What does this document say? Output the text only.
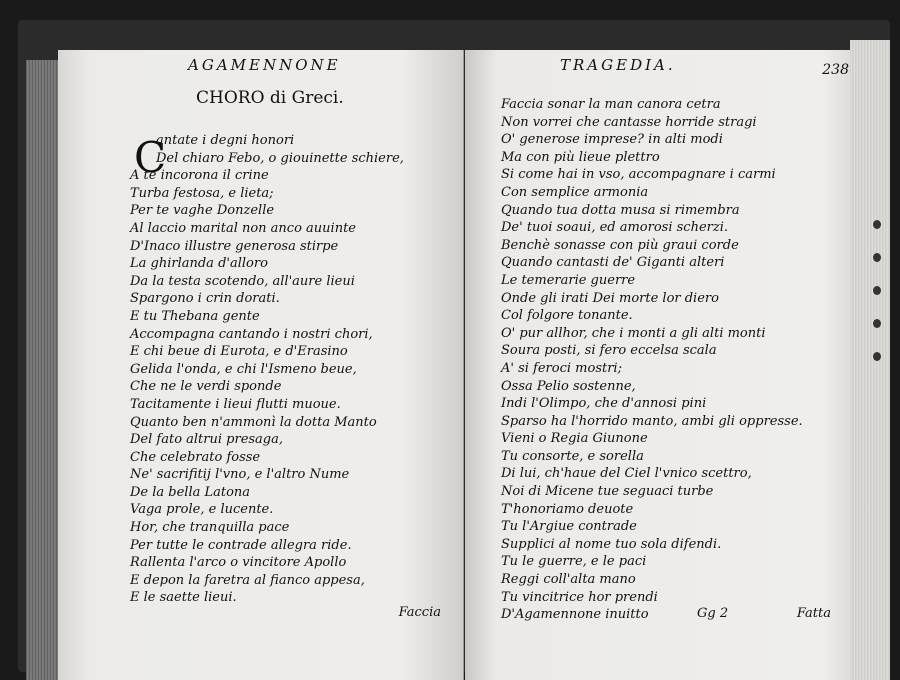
AGAMENNONE
CHORO di Greci.
C
antate i degni honori
Del chiaro Febo, o giouinette schiere,
A te incorona il crine
Turba festosa, e lieta;
Per te vaghe Donzelle
Al laccio marital non anco auuinte
D'Inaco illustre generosa stirpe
La ghirlanda d'alloro
Da la testa scotendo, all'aure lieui
Spargono i crin dorati.
E tu Thebana gente
Accompagna cantando i nostri chori,
E chi beue di Eurota, e d'Erasino
Gelida l'onda, e chi l'Ismeno beue,
Che ne le verdi sponde
Tacitamente i lieui flutti muoue.
Quanto ben n'ammonì la dotta Manto
Del fato altrui presaga,
Che celebrato fosse
Ne' sacrifitij l'vno, e l'altro Nume
De la bella Latona
Vaga prole, e lucente.
Hor, che tranquilla pace
Per tutte le contrade allegra ride.
Rallenta l'arco o vincitore Apollo
E depon la faretra al fianco appesa,
E le saette lieui.
Faccia
TRAGEDIA.	238
Faccia sonar la man canora cetra
Non vorrei che cantasse horride stragi
O' generose imprese? in alti modi
Ma con più lieue plettro
Si come hai in vso, accompagnare i carmi
Con semplice armonia
Quando tua dotta musa si rimembra
De' tuoi soaui, ed amorosi scherzi.
Benchè sonasse con più graui corde
Quando cantasti de' Giganti alteri
Le temerarie guerre
Onde gli irati Dei morte lor diero
Col folgore tonante.
O' pur allhor, che i monti a gli alti monti
Soura posti, si fero eccelsa scala
A' si feroci mostri;
Ossa Pelio sostenne,
Indi l'Olimpo, che d'annosi pini
Sparso ha l'horrido manto, ambi gli oppresse.
Vieni o Regia Giunone
Tu consorte, e sorella
Di lui, ch'haue del Ciel l'vnico scettro,
Noi di Micene tue seguaci turbe
T'honoriamo deuote
Tu l'Argiue contrade
Supplici al nome tuo sola difendi.
Tu le guerre, e le paci
Reggi coll'alta mano
Tu vincitrice hor prendi
D'Agamennone inuitto	Gg 2	Fatta
